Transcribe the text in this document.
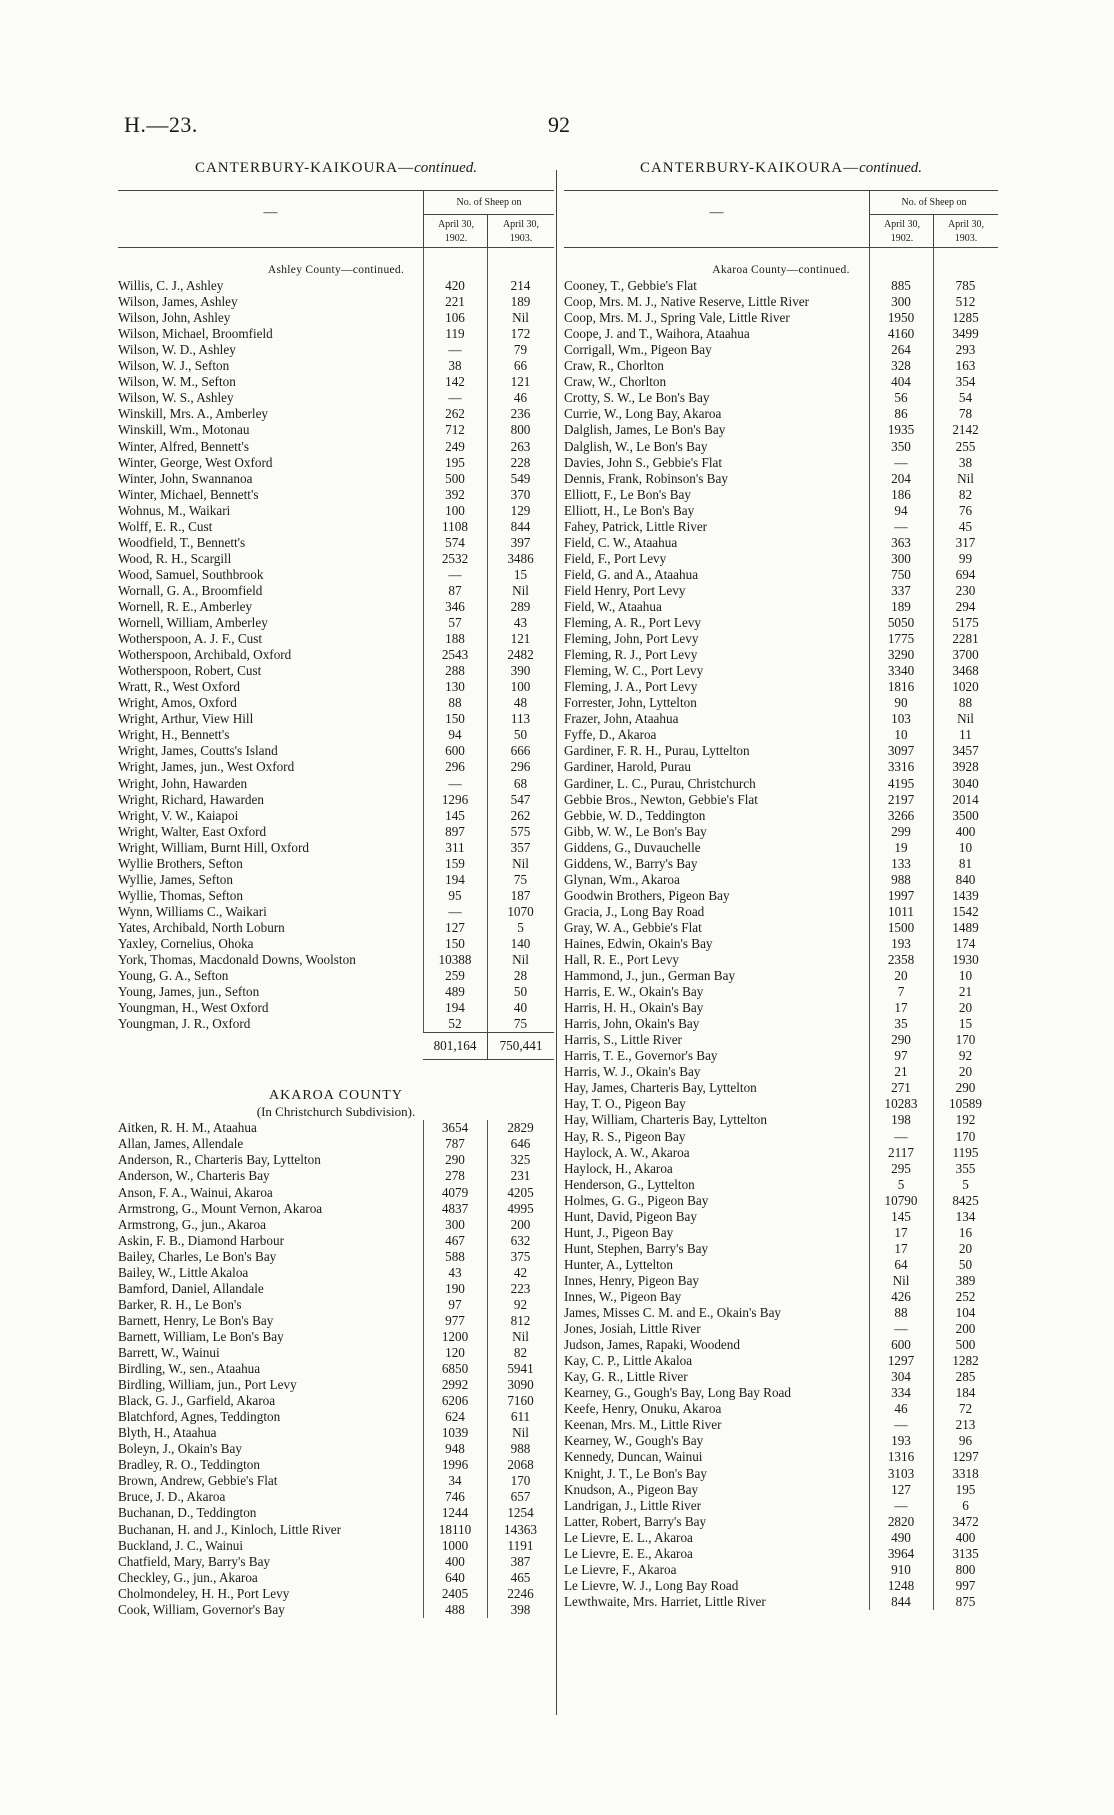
H.—23.	92
CANTERBURY-KAIKOURA—continued.
—
No. of Sheep on
April 30,
1902.
April 30,
1903.
Ashley County—continued.
Willis, C. J., Ashley	420	214
Wilson, James, Ashley	221	189
Wilson, John, Ashley	106	Nil
Wilson, Michael, Broomfield	119	172
Wilson, W. D., Ashley	—	79
Wilson, W. J., Sefton	38	66
Wilson, W. M., Sefton	142	121
Wilson, W. S., Ashley	—	46
Winskill, Mrs. A., Amberley	262	236
Winskill, Wm., Motonau	712	800
Winter, Alfred, Bennett's	249	263
Winter, George, West Oxford	195	228
Winter, John, Swannanoa	500	549
Winter, Michael, Bennett's	392	370
Wohnus, M., Waikari	100	129
Wolff, E. R., Cust	1108	844
Woodfield, T., Bennett's	574	397
Wood, R. H., Scargill	2532	3486
Wood, Samuel, Southbrook	—	15
Wornall, G. A., Broomfield	87	Nil
Wornell, R. E., Amberley	346	289
Wornell, William, Amberley	57	43
Wotherspoon, A. J. F., Cust	188	121
Wotherspoon, Archibald, Oxford	2543	2482
Wotherspoon, Robert, Cust	288	390
Wratt, R., West Oxford	130	100
Wright, Amos, Oxford	88	48
Wright, Arthur, View Hill	150	113
Wright, H., Bennett's	94	50
Wright, James, Coutts's Island	600	666
Wright, James, jun., West Oxford	296	296
Wright, John, Hawarden	—	68
Wright, Richard, Hawarden	1296	547
Wright, V. W., Kaiapoi	145	262
Wright, Walter, East Oxford	897	575
Wright, William, Burnt Hill, Oxford	311	357
Wyllie Brothers, Sefton	159	Nil
Wyllie, James, Sefton	194	75
Wyllie, Thomas, Sefton	95	187
Wynn, Williams C., Waikari	—	1070
Yates, Archibald, North Loburn	127	5
Yaxley, Cornelius, Ohoka	150	140
York, Thomas, Macdonald Downs, Woolston	10388	Nil
Young, G. A., Sefton	259	28
Young, James, jun., Sefton	489	50
Youngman, H., West Oxford	194	40
Youngman, J. R., Oxford	52	75
801,164	750,441
AKAROA COUNTY
(In Christchurch Subdivision).
Aitken, R. H. M., Ataahua	3654	2829
Allan, James, Allendale	787	646
Anderson, R., Charteris Bay, Lyttelton	290	325
Anderson, W., Charteris Bay	278	231
Anson, F. A., Wainui, Akaroa	4079	4205
Armstrong, G., Mount Vernon, Akaroa	4837	4995
Armstrong, G., jun., Akaroa	300	200
Askin, F. B., Diamond Harbour	467	632
Bailey, Charles, Le Bon's Bay	588	375
Bailey, W., Little Akaloa	43	42
Bamford, Daniel, Allandale	190	223
Barker, R. H., Le Bon's	97	92
Barnett, Henry, Le Bon's Bay	977	812
Barnett, William, Le Bon's Bay	1200	Nil
Barrett, W., Wainui	120	82
Birdling, W., sen., Ataahua	6850	5941
Birdling, William, jun., Port Levy	2992	3090
Black, G. J., Garfield, Akaroa	6206	7160
Blatchford, Agnes, Teddington	624	611
Blyth, H., Ataahua	1039	Nil
Boleyn, J., Okain's Bay	948	988
Bradley, R. O., Teddington	1996	2068
Brown, Andrew, Gebbie's Flat	34	170
Bruce, J. D., Akaroa	746	657
Buchanan, D., Teddington	1244	1254
Buchanan, H. and J., Kinloch, Little River	18110	14363
Buckland, J. C., Wainui	1000	1191
Chatfield, Mary, Barry's Bay	400	387
Checkley, G., jun., Akaroa	640	465
Cholmondeley, H. H., Port Levy	2405	2246
Cook, William, Governor's Bay	488	398
CANTERBURY-KAIKOURA—continued.
—
No. of Sheep on
April 30,
1902.
April 30,
1903.
Akaroa County—continued.
Cooney, T., Gebbie's Flat	885	785
Coop, Mrs. M. J., Native Reserve, Little River	300	512
Coop, Mrs. M. J., Spring Vale, Little River	1950	1285
Coope, J. and T., Waihora, Ataahua	4160	3499
Corrigall, Wm., Pigeon Bay	264	293
Craw, R., Chorlton	328	163
Craw, W., Chorlton	404	354
Crotty, S. W., Le Bon's Bay	56	54
Currie, W., Long Bay, Akaroa	86	78
Dalglish, James, Le Bon's Bay	1935	2142
Dalglish, W., Le Bon's Bay	350	255
Davies, John S., Gebbie's Flat	—	38
Dennis, Frank, Robinson's Bay	204	Nil
Elliott, F., Le Bon's Bay	186	82
Elliott, H., Le Bon's Bay	94	76
Fahey, Patrick, Little River	—	45
Field, C. W., Ataahua	363	317
Field, F., Port Levy	300	99
Field, G. and A., Ataahua	750	694
Field Henry, Port Levy	337	230
Field, W., Ataahua	189	294
Fleming, A. R., Port Levy	5050	5175
Fleming, John, Port Levy	1775	2281
Fleming, R. J., Port Levy	3290	3700
Fleming, W. C., Port Levy	3340	3468
Fleming, J. A., Port Levy	1816	1020
Forrester, John, Lyttelton	90	88
Frazer, John, Ataahua	103	Nil
Fyffe, D., Akaroa	10	11
Gardiner, F. R. H., Purau, Lyttelton	3097	3457
Gardiner, Harold, Purau	3316	3928
Gardiner, L. C., Purau, Christchurch	4195	3040
Gebbie Bros., Newton, Gebbie's Flat	2197	2014
Gebbie, W. D., Teddington	3266	3500
Gibb, W. W., Le Bon's Bay	299	400
Giddens, G., Duvauchelle	19	10
Giddens, W., Barry's Bay	133	81
Glynan, Wm., Akaroa	988	840
Goodwin Brothers, Pigeon Bay	1997	1439
Gracia, J., Long Bay Road	1011	1542
Gray, W. A., Gebbie's Flat	1500	1489
Haines, Edwin, Okain's Bay	193	174
Hall, R. E., Port Levy	2358	1930
Hammond, J., jun., German Bay	20	10
Harris, E. W., Okain's Bay	7	21
Harris, H. H., Okain's Bay	17	20
Harris, John, Okain's Bay	35	15
Harris, S., Little River	290	170
Harris, T. E., Governor's Bay	97	92
Harris, W. J., Okain's Bay	21	20
Hay, James, Charteris Bay, Lyttelton	271	290
Hay, T. O., Pigeon Bay	10283	10589
Hay, William, Charteris Bay, Lyttelton	198	192
Hay, R. S., Pigeon Bay	—	170
Haylock, A. W., Akaroa	2117	1195
Haylock, H., Akaroa	295	355
Henderson, G., Lyttelton	5	5
Holmes, G. G., Pigeon Bay	10790	8425
Hunt, David, Pigeon Bay	145	134
Hunt, J., Pigeon Bay	17	16
Hunt, Stephen, Barry's Bay	17	20
Hunter, A., Lyttelton	64	50
Innes, Henry, Pigeon Bay	Nil	389
Innes, W., Pigeon Bay	426	252
James, Misses C. M. and E., Okain's Bay	88	104
Jones, Josiah, Little River	—	200
Judson, James, Rapaki, Woodend	600	500
Kay, C. P., Little Akaloa	1297	1282
Kay, G. R., Little River	304	285
Kearney, G., Gough's Bay, Long Bay Road	334	184
Keefe, Henry, Onuku, Akaroa	46	72
Keenan, Mrs. M., Little River	—	213
Kearney, W., Gough's Bay	193	96
Kennedy, Duncan, Wainui	1316	1297
Knight, J. T., Le Bon's Bay	3103	3318
Knudson, A., Pigeon Bay	127	195
Landrigan, J., Little River	—	6
Latter, Robert, Barry's Bay	2820	3472
Le Lievre, E. L., Akaroa	490	400
Le Lievre, E. E., Akaroa	3964	3135
Le Lievre, F., Akaroa	910	800
Le Lievre, W. J., Long Bay Road	1248	997
Lewthwaite, Mrs. Harriet, Little River	844	875
